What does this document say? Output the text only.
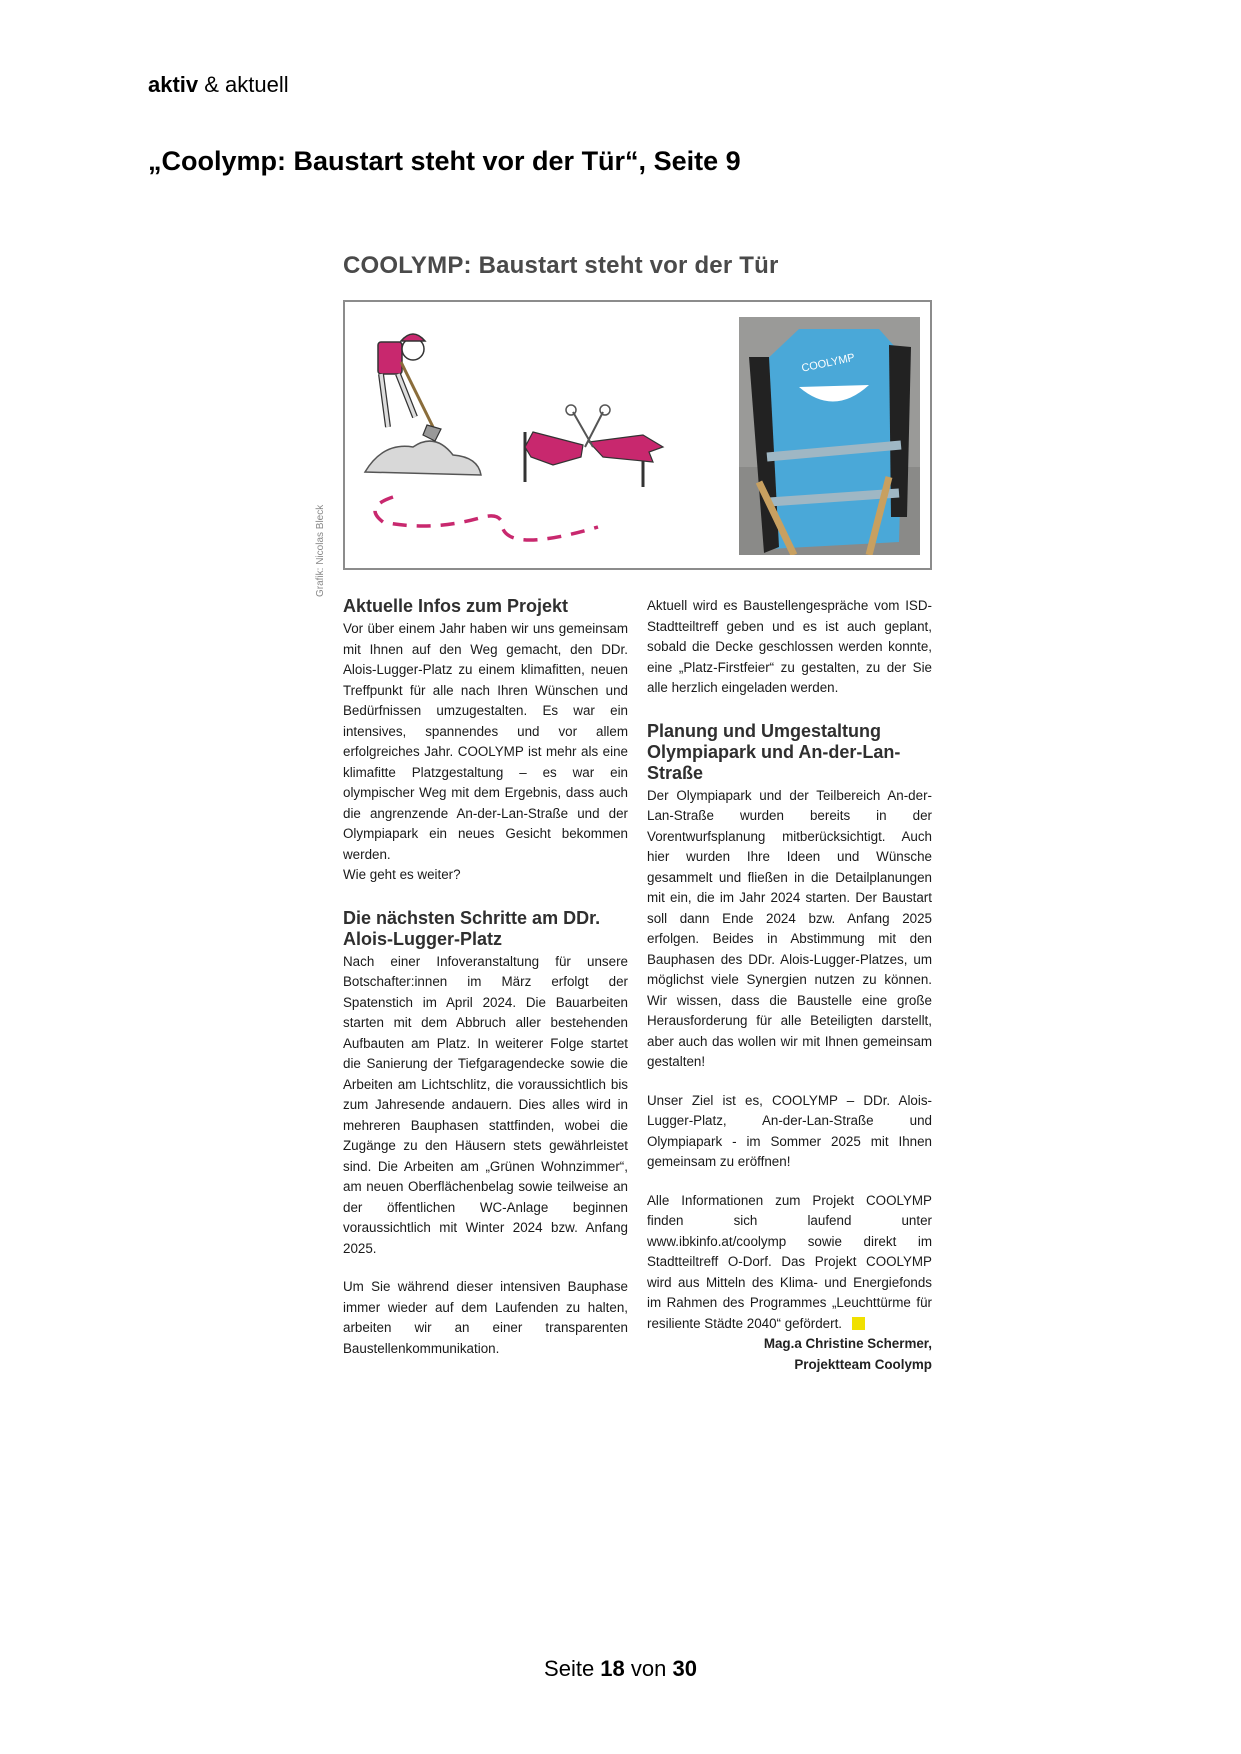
aktiv & aktuell
„Coolymp: Baustart steht vor der Tür“, Seite 9
COOLYMP: Baustart steht vor der Tür
Grafik: Nicolas Bleck
COOLYMP
Aktuelle Infos zum Projekt

Vor über einem Jahr haben wir uns gemeinsam mit Ihnen auf den Weg gemacht, den DDr. Alois-Lugger-Platz zu einem klimafitten, neuen Treffpunkt für alle nach Ihren Wünschen und Bedürfnissen umzugestalten. Es war ein intensives, spannendes und vor allem erfolgreiches Jahr. COOLYMP ist mehr als eine klimafitte Platzgestaltung – es war ein olympischer Weg mit dem Ergebnis, dass auch die angrenzende An-der-Lan-Straße und der Olympiapark ein neues Gesicht bekommen werden.

Wie geht es weiter?

Die nächsten Schritte am DDr. Alois-Lugger-Platz

Nach einer Infoveranstaltung für unsere Botschafter:innen im März erfolgt der Spatenstich im April 2024. Die Bauarbeiten starten mit dem Abbruch aller bestehenden Aufbauten am Platz. In weiterer Folge startet die Sanierung der Tiefgaragendecke sowie die Arbeiten am Lichtschlitz, die voraussichtlich bis zum Jahresende andauern. Dies alles wird in mehreren Bauphasen stattfinden, wobei die Zugänge zu den Häusern stets gewährleistet sind. Die Arbeiten am „Grünen Wohnzimmer“, am neuen Oberflächenbelag sowie teilweise an der öffentlichen WC-Anlage beginnen voraussichtlich mit Winter 2024 bzw. Anfang 2025.

Um Sie während dieser intensiven Bauphase immer wieder auf dem Laufenden zu halten, arbeiten wir an einer transparenten Baustellenkommunikation.

Aktuell wird es Baustellengespräche vom ISD-Stadtteiltreff geben und es ist auch geplant, sobald die Decke geschlossen werden konnte, eine „Platz-Firstfeier“ zu gestalten, zu der Sie alle herzlich eingeladen werden.

Planung und Umgestaltung Olympiapark und An-der-Lan-Straße

Der Olympiapark und der Teilbereich An-der-Lan-Straße wurden bereits in der Vorentwurfsplanung mitberücksichtigt. Auch hier wurden Ihre Ideen und Wünsche gesammelt und fließen in die Detailplanungen mit ein, die im Jahr 2024 starten. Der Baustart soll dann Ende 2024 bzw. Anfang 2025 erfolgen. Beides in Abstimmung mit den Bauphasen des DDr. Alois-Lugger-Platzes, um möglichst viele Synergien nutzen zu können. Wir wissen, dass die Baustelle eine große Herausforderung für alle Beteiligten darstellt, aber auch das wollen wir mit Ihnen gemeinsam gestalten!

Unser Ziel ist es, COOLYMP – DDr. Alois-Lugger-Platz, An-der-Lan-Straße und Olympiapark - im Sommer 2025 mit Ihnen gemeinsam zu eröffnen!

Alle Informationen zum Projekt COOLYMP finden sich laufend unter www.ibkinfo.at/coolymp sowie direkt im Stadtteiltreff O-Dorf. Das Projekt COOLYMP wird aus Mitteln des Klima- und Energiefonds im Rahmen des Programmes „Leuchttürme für resiliente Städte 2040“ gefördert.

Mag.a Christine Schermer,
Projektteam Coolymp

Seite 18 von 30
